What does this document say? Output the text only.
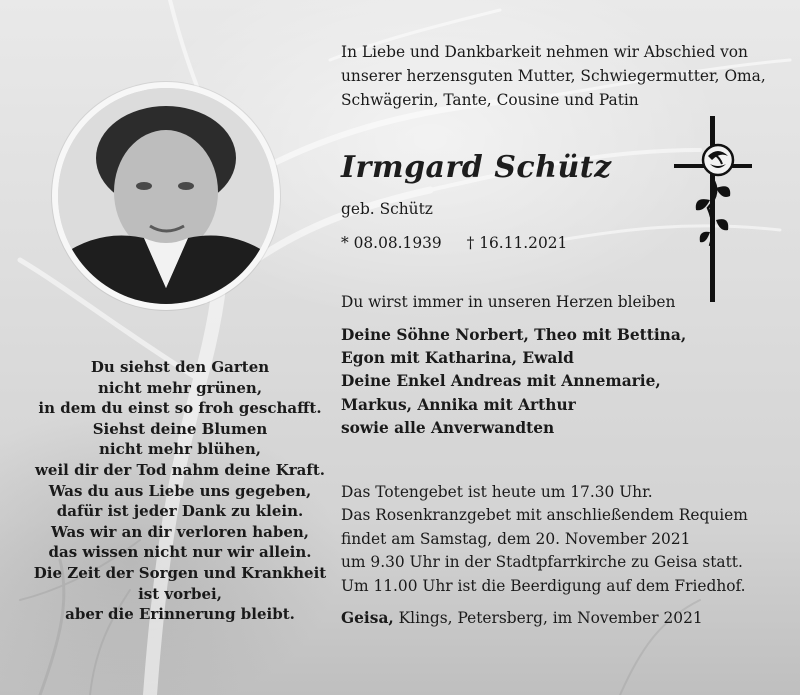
Du siehst den Garten
nicht mehr grünen,
in dem du einst so froh geschafft.
Siehst deine Blumen
nicht mehr blühen,
weil dir der Tod nahm deine Kraft.
Was du aus Liebe uns gegeben,
dafür ist jeder Dank zu klein.
Was wir an dir verloren haben,
das wissen nicht nur wir allein.
Die Zeit der Sorgen und Krankheit
ist vorbei,
aber die Erinnerung bleibt.
In Liebe und Dankbarkeit nehmen wir Abschied von
unserer herzensguten Mutter, Schwiegermutter, Oma,
Schwägerin, Tante, Cousine und Patin
Irmgard Schütz
geb. Schütz
* 08.08.1939 † 16.11.2021
Du wirst immer in unseren Herzen bleiben
Deine Söhne Norbert, Theo mit Bettina,
Egon mit Katharina, Ewald
Deine Enkel Andreas mit Annemarie,
Markus, Annika mit Arthur
sowie alle Anverwandten
Das Totengebet ist heute um 17.30 Uhr.
Das Rosenkranzgebet mit anschließendem Requiem
findet am Samstag, dem 20. November 2021
um 9.30 Uhr in der Stadtpfarrkirche zu Geisa statt.
Um 11.00 Uhr ist die Beerdigung auf dem Friedhof.
Geisa, Klings, Petersberg, im November 2021
